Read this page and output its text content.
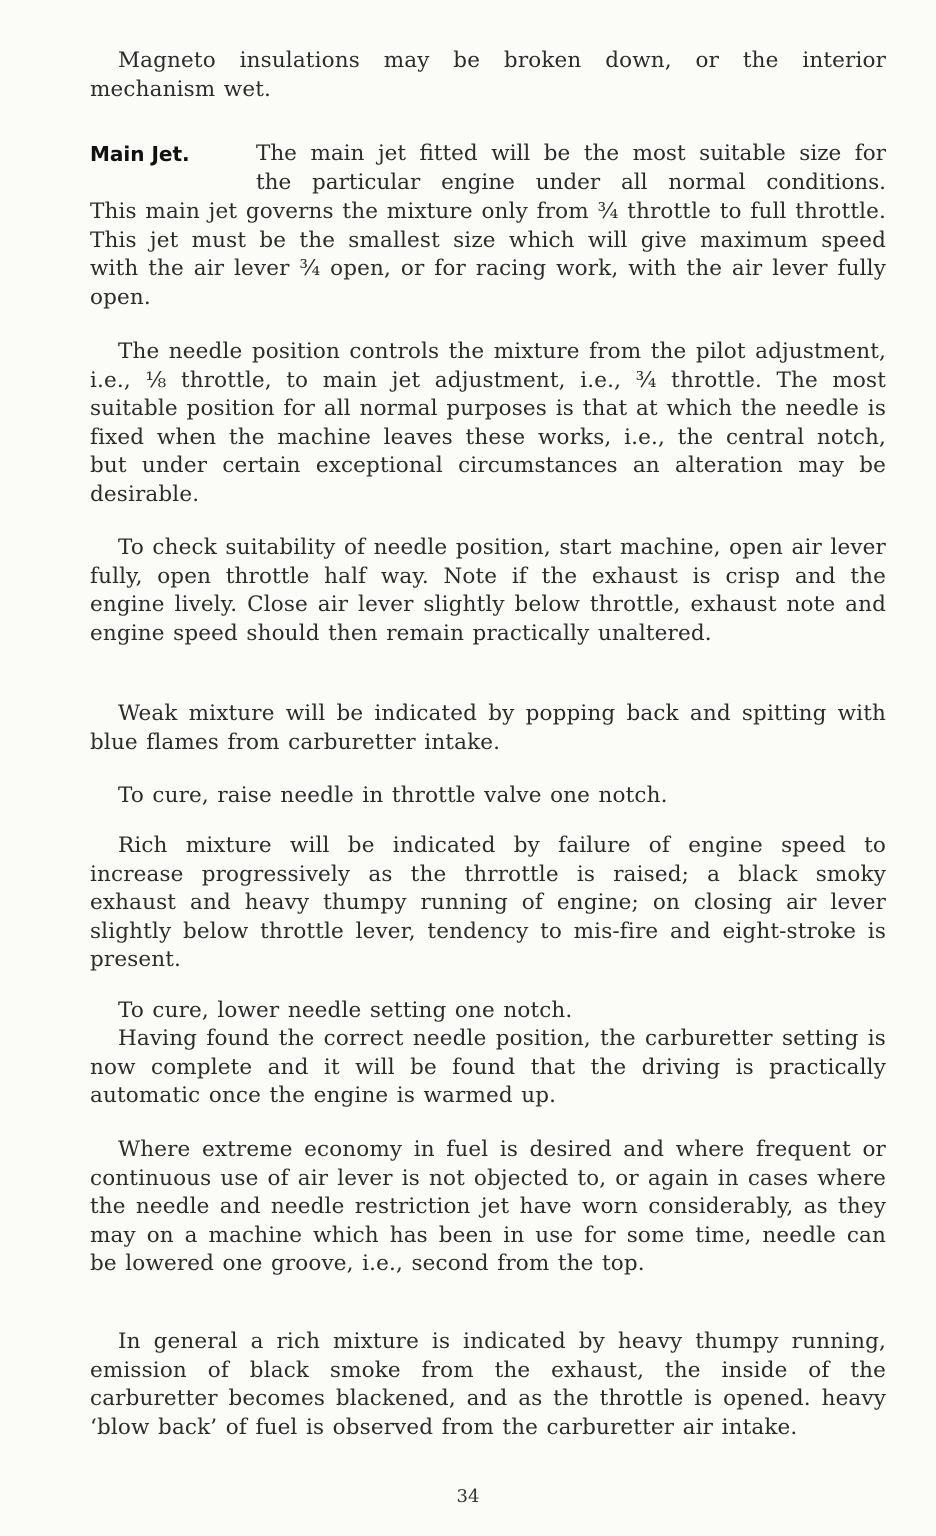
Magneto insulations may be broken down, or the interior mechanism wet.
Main Jet.	The main jet fitted will be the most suitable size for
the particular engine under all normal conditions.
This main jet governs the mixture only from ¾ throttle to full throttle. This jet must be the smallest size which will give maximum speed with the air lever ¾ open, or for racing work, with the air lever fully open.
The needle position controls the mixture from the pilot adjustment, i.e., ⅛ throttle, to main jet adjustment, i.e., ¾ throttle. The most suitable position for all normal purposes is that at which the needle is fixed when the machine leaves these works, i.e., the central notch, but under certain exceptional circumstances an alteration may be desirable.
To check suitability of needle position, start machine, open air lever fully, open throttle half way. Note if the exhaust is crisp and the engine lively. Close air lever slightly below throttle, exhaust note and engine speed should then remain practically unaltered.
Weak mixture will be indicated by popping back and spitting with blue flames from carburetter intake.
To cure, raise needle in throttle valve one notch.
Rich mixture will be indicated by failure of engine speed to increase progressively as the thrrottle is raised; a black smoky exhaust and heavy thumpy running of engine; on closing air lever slightly below throttle lever, tendency to mis-fire and eight-stroke is present.
To cure, lower needle setting one notch.
Having found the correct needle position, the carburetter setting is now complete and it will be found that the driving is practically automatic once the engine is warmed up.
Where extreme economy in fuel is desired and where frequent or continuous use of air lever is not objected to, or again in cases where the needle and needle restriction jet have worn considerably, as they may on a machine which has been in use for some time, needle can be lowered one groove, i.e., second from the top.
In general a rich mixture is indicated by heavy thumpy running, emission of black smoke from the exhaust, the inside of the carburetter becomes blackened, and as the throttle is opened. heavy ‘blow back’ of fuel is observed from the carburetter air intake.
34
